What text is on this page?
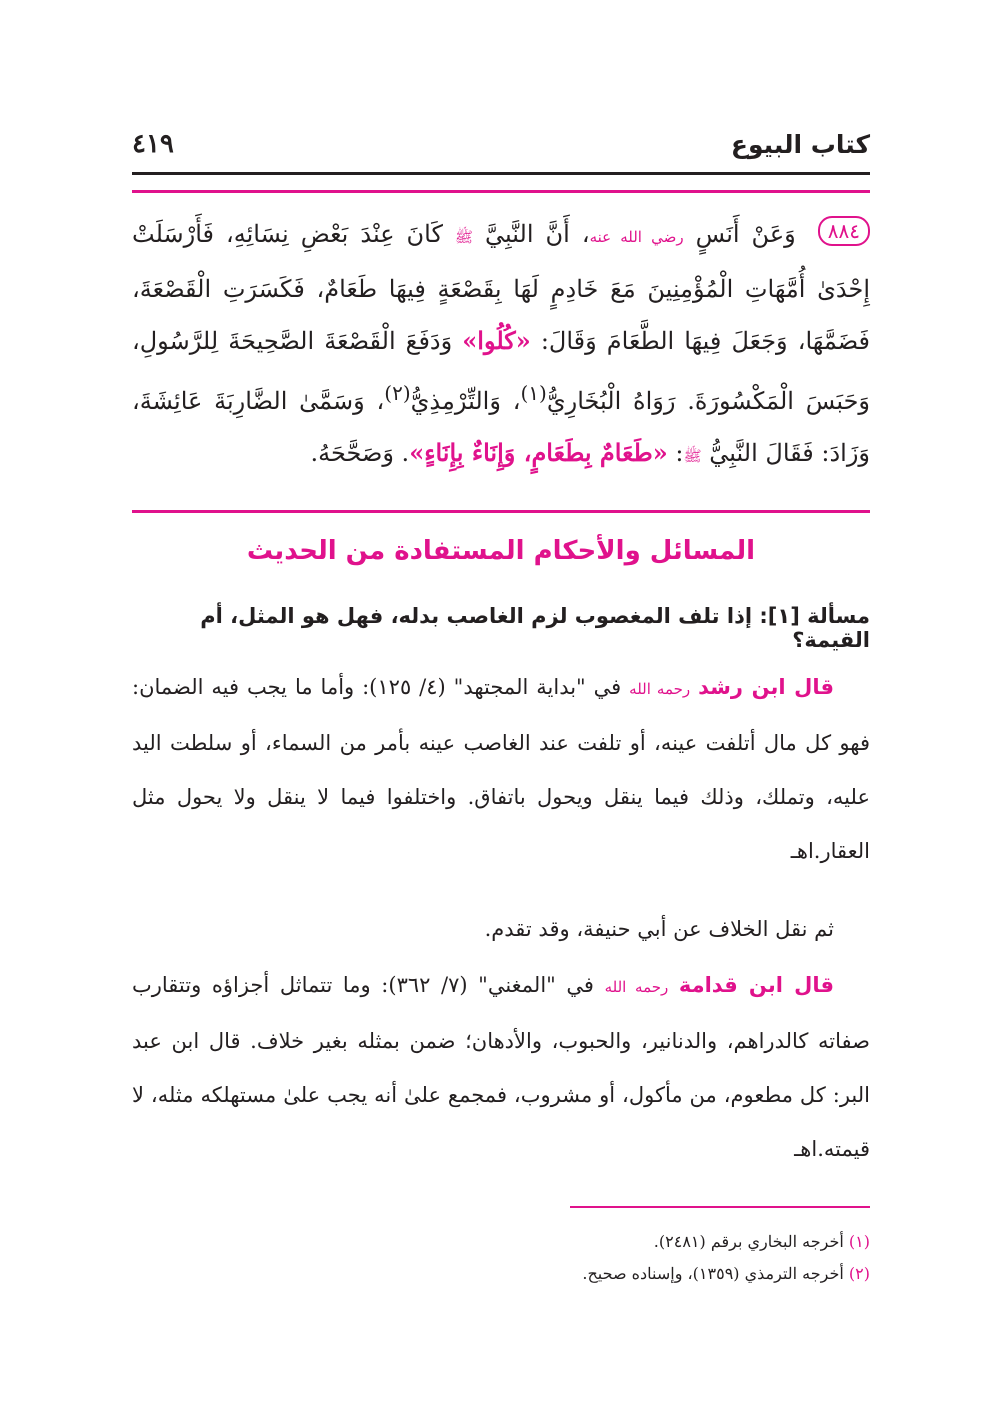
كتاب البيوع
٤١٩
٨٨٤ وَعَنْ أَنَسٍ رضي الله عنه، أَنَّ النَّبِيَّ ﷺ كَانَ عِنْدَ بَعْضِ نِسَائِهِ، فَأَرْسَلَتْ إِحْدَىٰ أُمَّهَاتِ الْمُؤْمِنِينَ مَعَ خَادِمٍ لَهَا بِقَصْعَةٍ فِيهَا طَعَامٌ، فَكَسَرَتِ الْقَصْعَةَ، فَضَمَّهَا، وَجَعَلَ فِيهَا الطَّعَامَ وَقَالَ: «كُلُوا» وَدَفَعَ الْقَصْعَةَ الصَّحِيحَةَ لِلرَّسُولِ، وَحَبَسَ الْمَكْسُورَةَ. رَوَاهُ الْبُخَارِيُّ$^{(١)}$، وَالتِّرْمِذِيُّ$^{(٢)}$، وَسَمَّىٰ الضَّارِبَةَ عَائِشَةَ، وَزَادَ: فَقَالَ النَّبِيُّ ﷺ: «طَعَامٌ بِطَعَامٍ، وَإِنَاءٌ بِإِنَاءٍ». وَصَحَّحَهُ.
المسائل والأحكام المستفادة من الحديث
مسألة [١]: إذا تلف المغصوب لزم الغاصب بدله، فهل هو المثل، أم القيمة؟
قال ابن رشد رحمه الله في "بداية المجتهد" (٤/ ١٢٥): وأما ما يجب فيه الضمان: فهو كل مال أتلفت عينه، أو تلفت عند الغاصب عينه بأمر من السماء، أو سلطت اليد عليه، وتملك، وذلك فيما ينقل ويحول باتفاق. واختلفوا فيما لا ينقل ولا يحول مثل العقار.اهـ
ثم نقل الخلاف عن أبي حنيفة، وقد تقدم.
قال ابن قدامة رحمه الله في "المغني" (٧/ ٣٦٢): وما تتماثل أجزاؤه وتتقارب صفاته كالدراهم، والدنانير، والحبوب، والأدهان؛ ضمن بمثله بغير خلاف. قال ابن عبد البر: كل مطعوم، من مأكول، أو مشروب، فمجمع علىٰ أنه يجب علىٰ مستهلكه مثله، لا قيمته.اهـ
(١) أخرجه البخاري برقم (٢٤٨١).
(٢) أخرجه الترمذي (١٣٥٩)، وإسناده صحيح.
